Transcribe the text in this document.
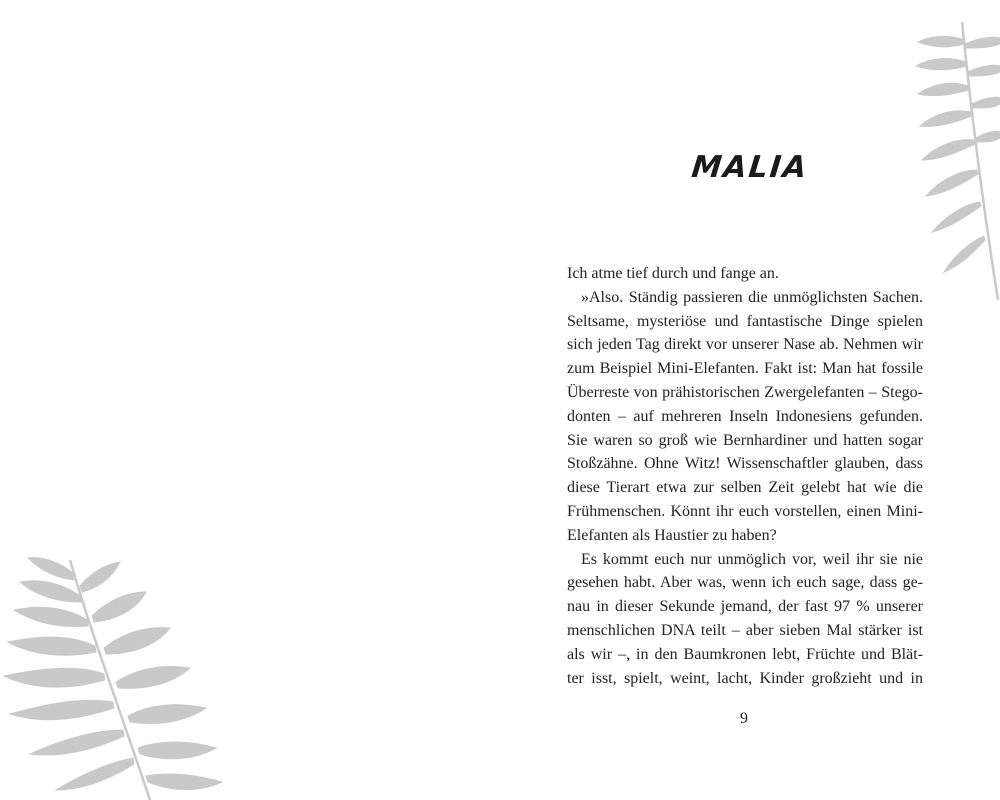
MALIA
Ich atme tief durch und fange an.
»Also. Ständig passieren die unmöglichsten Sachen.
Seltsame, mysteriöse und fantastische Dinge spielen
sich jeden Tag direkt vor unserer Nase ab. Nehmen wir
zum Beispiel Mini-Elefanten. Fakt ist: Man hat fossile
Überreste von prähistorischen Zwergelefanten – Stego-
donten – auf mehreren Inseln Indonesiens gefunden.
Sie waren so groß wie Bernhardiner und hatten sogar
Stoßzähne. Ohne Witz! Wissenschaftler glauben, dass
diese Tierart etwa zur selben Zeit gelebt hat wie die
Frühmenschen. Könnt ihr euch vorstellen, einen Mini-
Elefanten als Haustier zu haben?
Es kommt euch nur unmöglich vor, weil ihr sie nie
gesehen habt. Aber was, wenn ich euch sage, dass ge-
nau in dieser Sekunde jemand, der fast 97 % unserer
menschlichen DNA teilt – aber sieben Mal stärker ist
als wir –, in den Baumkronen lebt, Früchte und Blät-
ter isst, spielt, weint, lacht, Kinder großzieht und in
9
